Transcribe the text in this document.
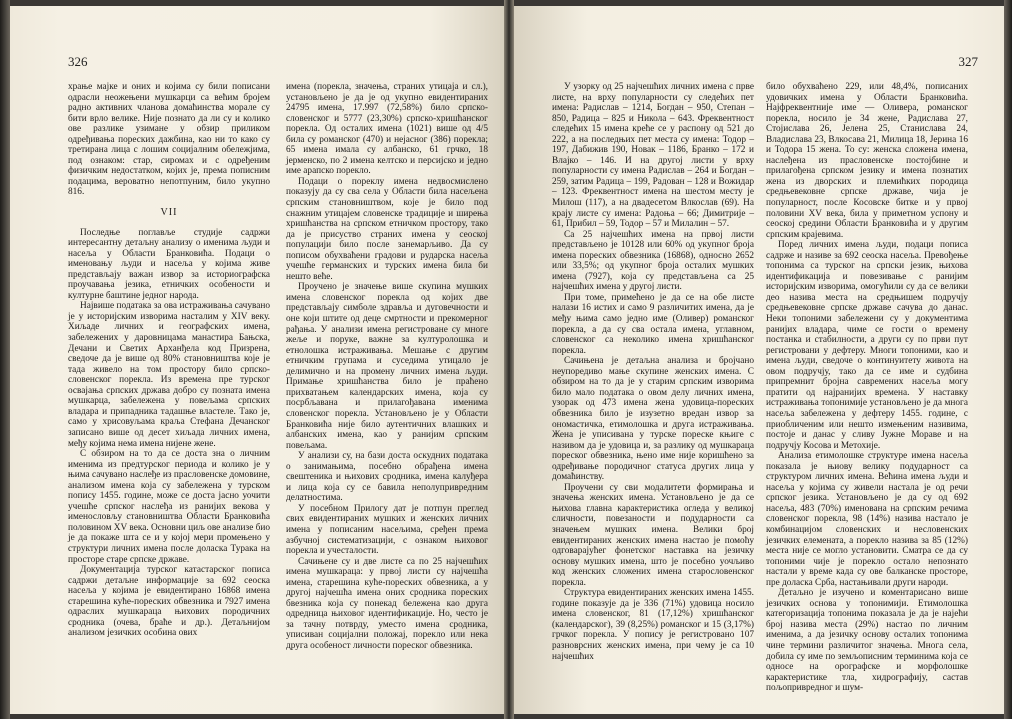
326

храње мајке и оних и којима су били пописани одрасли неожењени мушкарци са већим бројем радно активних чланова домаћинства морале су бити врло велике. Није познато да ли су и колико ове разлике узимане у обзир приликом одређивања пореских дажбина, као ни то како су третирана лица с лошим социјалним обележјима, под ознаком: стар, сиромах и с одређеним физичким недостатком, којих је, према пописним подацима, вероватно непотпуним, било укупно 816.

VII

Последње поглавље студије садржи интересантну детаљну анализу о именима људи и насеља у Области Бранковића. Подаци о именовању људи и насеља у којима живе представљају важан извор за историографска проучавања језика, етничких особености и културне баштине једног народа.

Највише података за ова истраживања сачувано је у историјским изворима насталим у XIV веку. Хиљаде личних и географских имена, забележених у даровницама манастира Бањска, Дечани и Светих Арханђела код Призрена, сведоче да је више од 80% становништва које је тада живело на том простору било српско-словенског порекла. Из времена пре турског освајања српских држава добро су позната имена мушкарца, забележена у повељама српских владара и припадника тадашње властеле. Тако је, само у хрисовуљама краља Стефана Дечанског записано више од десет хиљада личних имена, међу којима нема имена нијене жене.

С обзиром на то да се доста зна о личним именима из предтурског периода и колико је у њима сачувано наслеђе из прасловенске домовине, анализом имена која су забележена у турском попису 1455. године, може се доста јасно уочити учешће српског наслеђа из ранијих векова у именословљу становништва Области Бранковића половином XV века. Основни циљ ове анализе био је да покаже шта се и у којој мери промењено у структури личних имена после доласка Турака на просторе старе српске државе.

Документација турског катастарског пописа садржи детаљне информације за 692 сеоска насеља у којима је евидентирано 16868 имена старешина куће-пореских обвезника и 7927 имена одраслих мушкараца њихових породичних сродника (очева, браће и др.). Детаљнијом анализом језичких особина ових

имена (порекла, значења, страних утицаја и сл.), установљено је да је од укупно евидентираних 24795 имена, 17.997 (72,58%) било српско-словенског и 5777 (23,30%) српско-хришћанског порекла. Од осталих имена (1021) више од 4/5 била су романског (470) и нејасног (386) порекла; 65 имена имала су албанско, 61 грчко, 18 јерменско, по 2 имена келтско и персијско и једно име арапско порекло.

Подаци о пореклу имена недвосмислено показују да су сва села у Области била насељена српским становништвом, које је било под снажним утицајем словенске традиције и ширења хришћанства на српском етничком простору, тако да је присуство страних имена у сеоској популацији било после занемарљиво. Да су пописом обухваћени градови и рударска насеља учешће германских и турских имена била би нешто веће.

Проучено је значење више скупина мушких имена словенског порекла од којих две представљају симболе здравља и дуговечности и оне који штите од деце смртности и прекомерног рађања. У анализи имена регистроване су многе жеље и поруке, важне за културолошка и етнолошка истраживања. Мешање с другим етничким групама и суседима утицало је делимично и на промену личних имена људи. Примање хришћанства било је праћено прихватањем календарских имена, која су посрбљавана и прилагођавана именима словенског порекла. Установљено је у Области Бранковића није било аутентичних влашких и албанских имена, као у ранијим српским повељама.

У анализи су, на бази доста оскудних података о занимањима, посебно обрађена имена свештеника и њихових сродника, имена калуђера и лица која су се бавила неполупривредним делатностима.

У посебном Прилогу дат је потпун преглед свих евидентираних мушких и женских личних имена у пописаним насељима, сређен према азбучној систематизацији, с ознаком њиховог порекла и учесталости.

Сачињене су и две листе са по 25 најчешћих имена мушкараца: у првој листи су најчешћа имена, старешина куће-пореских обвезника, а у другој најчешћа имена оних сродника пореских бвезника која су понекад бележена као друга одредница њиховог идентификације. Но, често је за тачну потврду, уместо имена сродника, уписиван социјални положај, порекло или нека друга особеност личности пореског обвезника.

327

У узорку од 25 најчешћих личних имена с прве листе, на врху популарности су следећих пет имена: Радислав – 1214, Богдан – 950, Степан – 850, Радица – 825 и Никола – 643. Фреквентност следећих 15 имена креће се у распону од 521 до 222, а на последњих пет места су имена: Тодор – 197, Дабижив 190, Новак – 1186, Бранко – 172 и Влајко – 146. И на другој листи у врху популарности су имена Радислав – 264 и Богдан – 259, затим Радица – 199, Радован – 128 и Вожидар – 123. Фреквентност имена на шестом месту је Милош (117), а на двадесетом Влкослав (69). На крају листе су имена: Радоња – 66; Димитрије – 61, Прибил – 59, Тодор – 57 и Милалин – 57.

Са 25 најчешћих имена на првој листи представљено је 10128 или 60% од укупног броја имена пореских обвезника (16868), односно 2652 или 33,5%; од укупног броја осталих мушких имена (7927), која су представљена са 25 најчешћих имена у другој листи.

При томе, примећено је да се на обе листе налази 16 истих и само 9 различитих имена, да је међу њима само једно име (Оливер) романског порекла, а да су сва остала имена, углавном, словенског са неколико имена хришћанског порекла.

Сачињена је детаљна анализа и бројчано неупоредиво мање скупине женских имена. С обзиром на то да је у старим српским изворима било мало података о овом делу личних имена, узорак од 473 имена жена удовица-пореских обвезника било је изузетно вредан извор за ономастичка, етимолошка и друга истраживања. Жена је уписивана у турске пореске књиге с називом да је удовица и, за разлику од мушкараца пореског обвезника, њено име није коришћено за одређивање породичног статуса других лица у домаћинству.

Проучени су сви модалитети формирања и значења женских имена. Установљено је да се њихова главна карактеристика огледа у великој сличности, повезаности и подударности са значењем мушких имена. Велики број евидентираних женских имена настао је помоћу одговарајућег фонетског наставка на језичку основу мушких имена, што је посебно уочљиво код женских сложених имена старословенског порекла.

Структура евидентираних женских имена 1455. године показује да је 336 (71%) удовица носило имена словенског, 81 (17,12%) хришћанског (календарског), 39 (8,25%) романског и 15 (3,17%) грчког порекла. У попису је регистровано 107 разноврсних женских имена, при чему је са 10 најчешћих

било обухваћено 229, или 48,4%, пописаних удовичких имена у Области Бранковића. Најфреквентније име — Оливера, романског порекла, носило је 34 жене, Радислава 27, Стојислава 26, Јелена 25, Станислава 24, Владислава 23, Влкосава 21, Милица 18, Јерина 16 и Тодора 15 жена. То су: женска сложена имена, наслеђена из прасловенске постојбине и прилагођена српском језику и имена познатих жена из дворских и племићких породица средњевековне српске државе, чија је популарност, после Косовске битке и у првој половини XV века, била у приметном успону и сеоској средини Области Бранковића и у другим српским крајевима.

Поред личних имена људи, подаци пописа садрже и називе за 692 сеоска насеља. Превођење топонима са турског на српски језик, њихова идентификација и повезивање с ранијим историјским изворима, омогућили су да се велики део назива места на средњишем подручју средњевековне српске државе сачува до данас. Неки топоними забележени су у документима ранијих владара, чиме се гости о времену постанка и стабилности, а други су по први пут регистровани у дефтеру. Многи топоними, као и имена људи, сведоче о континуитету живота на овом подручју, тако да се име и судбина припремнит бројна савремених насеља могу пратити од најранијих времена. У наставку истраживања топонимије установљено је да многа насеља забележена у дефтеру 1455. године, с приобличеним или нешто измењеним називима, постоје и данас у сливу Јужне Мораве и на подручју Косова и Метохије.

Анализа етимолошке структуре имена насеља показала је њиову велику подударност са структуром личних имена. Већина имена људи и насеља у којима су живели настала је од речи српског језика. Установљено је да су од 692 насеља, 483 (70%) именована на српским речима словенског порекла, 98 (14%) назива настало је комбинацијом словенских и несловенских језичких елемената, а порекло назива за 85 (12%) места није се могло установити. Сматра се да су топоними чије је порекло остало непознато настали у време када су ове балканске просторе, пре доласка Срба, настањивали други народи.

Детаљно је изучено и коментарисано више језичких основа у топонимији. Етимолошка категоризација топонима показала је да је најећи број назива места (29%) настао по личним именима, а да језичку основу осталих топонима чине термини различитог значења. Многа села, добила су име по земљописним терминима која се односе на орографске и морфолошке карактеристике тла, хидрографију, састав пољопривредног и шум-
